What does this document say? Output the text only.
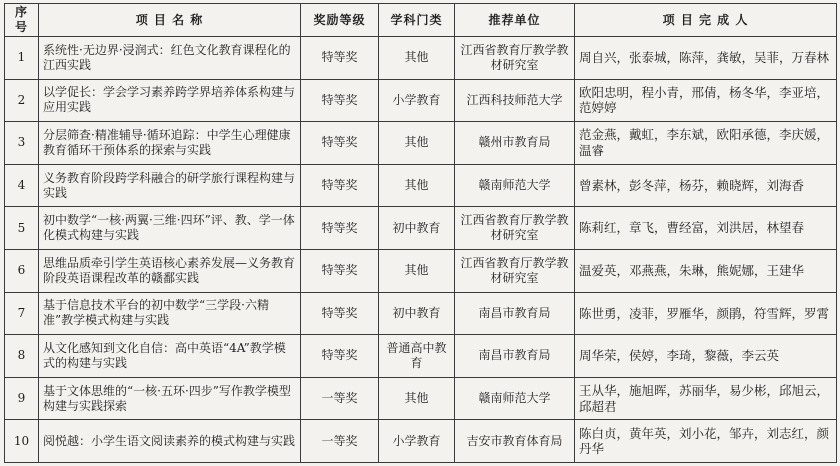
序号	项 目 名 称	奖励等级	学科门类	推荐单位	项 目 完 成 人
1	系统性·无边界·浸润式：红色文化教育课程化的江西实践	特等奖	其他	江西省教育厅教学教材研究室	周自兴，张泰城，陈萍，龚敏，吴菲，万春林
2	以学促长：学会学习素养跨学界培养体系构建与应用实践	特等奖	小学教育	江西科技师范大学	欧阳忠明，程小青，邢倩，杨冬华，李亚培，范婷婷
3	分层筛查·精准辅导·循环追踪：中学生心理健康教育循环干预体系的探索与实践	特等奖	其他	赣州市教育局	范金燕，戴虹，李东斌，欧阳承德，李庆媛，温睿
4	义务教育阶段跨学科融合的研学旅行课程构建与实践	特等奖	其他	赣南师范大学	曾素林，彭冬萍，杨芬，赖晓辉，刘海香
5	初中数学“一核·两翼·三维·四环”评、教、学一体化模式构建与实践	特等奖	初中教育	江西省教育厅教学教材研究室	陈莉红，章飞，曹经富，刘洪居，林望春
6	思维品质牵引学生英语核心素养发展—义务教育阶段英语课程改革的赣鄱实践	特等奖	其他	江西省教育厅教学教材研究室	温爱英，邓燕燕，朱琳，熊妮娜，王建华
7	基于信息技术平台的初中数学“三学段·六精准”教学模式构建与实践	特等奖	初中教育	南昌市教育局	陈世勇，凌菲，罗雁华，颜鹃，符雪辉，罗霄
8	从文化感知到文化自信：高中英语“4A”教学模式的构建与实践	特等奖	普通高中教育	南昌市教育局	周华荣，侯婷，李琦，黎薇，李云英
9	基于文体思维的“一核·五环·四步”写作教学模型构建与实践探索	一等奖	其他	赣南师范大学	王从华，施旭晖，苏丽华，易少彬，邱旭云，邱超君
10	阅悦越：小学生语文阅读素养的模式构建与实践	一等奖	小学教育	吉安市教育体育局	陈白贞，黄年英，刘小花，邹卉，刘志红，颜丹华
